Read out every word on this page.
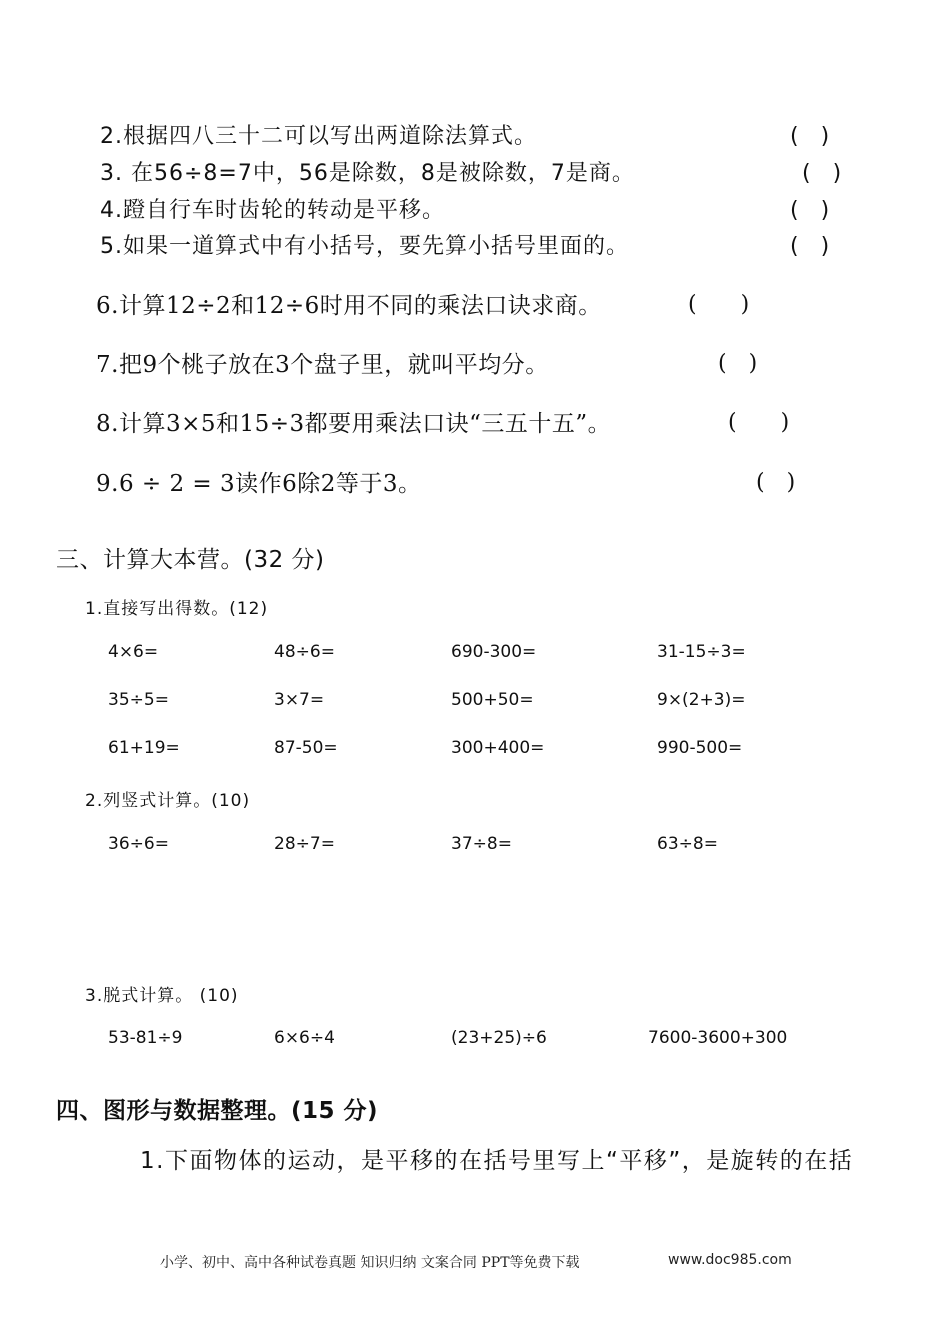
2.根据四八三十二可以写出两道除法算式。	(　)
3. 在56÷8=7中，56是除数，8是被除数，7是商。	(　)
4.蹬自行车时齿轮的转动是平移。	(　)
5.如果一道算式中有小括号，要先算小括号里面的。	(　)
6.计算12÷2和12÷6时用不同的乘法口诀求商。	(　　)
7.把9个桃子放在3个盘子里，就叫平均分。	(　)
8.计算3×5和15÷3都要用乘法口诀“三五十五”。	(　　)
9.6 ÷ 2 = 3读作6除2等于3。	(　)
三、计算大本营。(32 分)
1.直接写出得数。(12)
4×6=	48÷6=	690-300=	31-15÷3=
35÷5=	3×7=	500+50=	9×(2+3)=
61+19=	87-50=	300+400=	990-500=
2.列竖式计算。(10)
36÷6=	28÷7=	37÷8=	63÷8=
3.脱式计算。 (10)
53-81÷9	6×6÷4	(23+25)÷6	7600-3600+300
四、图形与数据整理。(15 分)
1.下面物体的运动，是平移的在括号里写上“平移”，是旋转的在括
小学、初中、高中各种试卷真题 知识归纳 文案合同 PPT等免费下载	www.doc985.com
